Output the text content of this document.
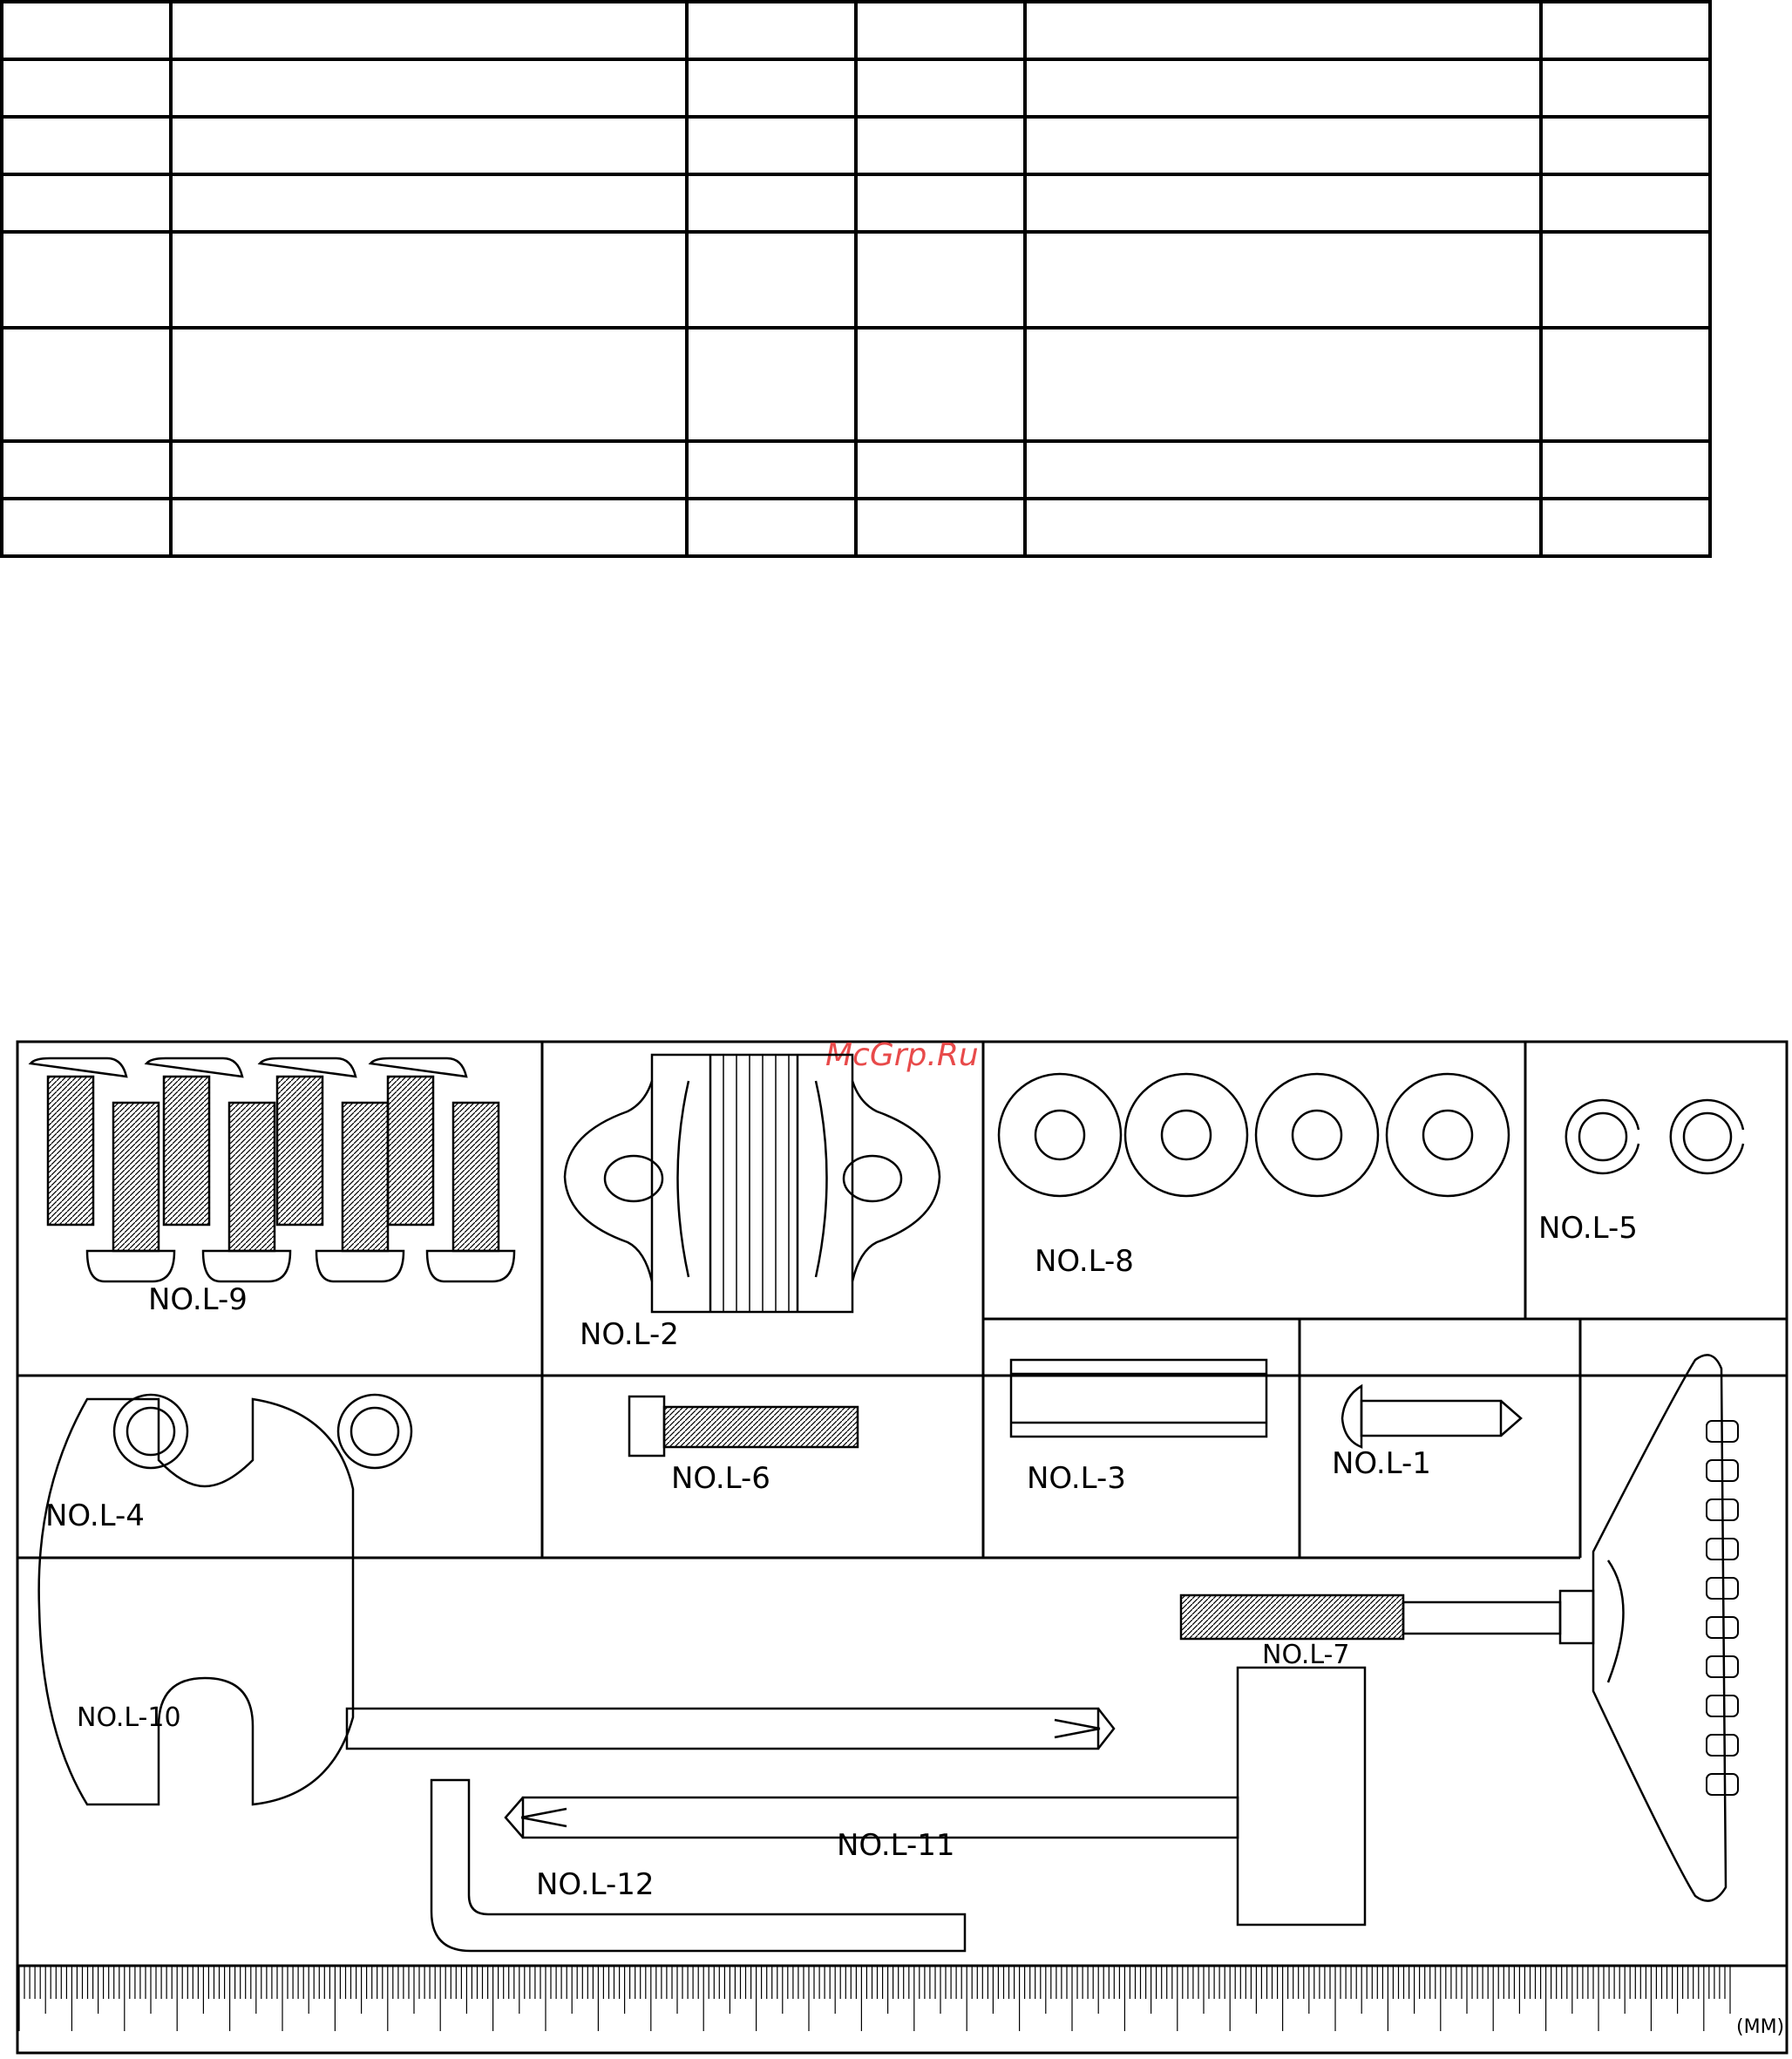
McGrp.Ru
NO.L-9
NO.L-2
NO.L-8
NO.L-5
NO.L-4
NO.L-6	NO.L-3	NO.L-1
NO.L-7
NO.L-10
NO.L-11
NO.L-12
(MM)
